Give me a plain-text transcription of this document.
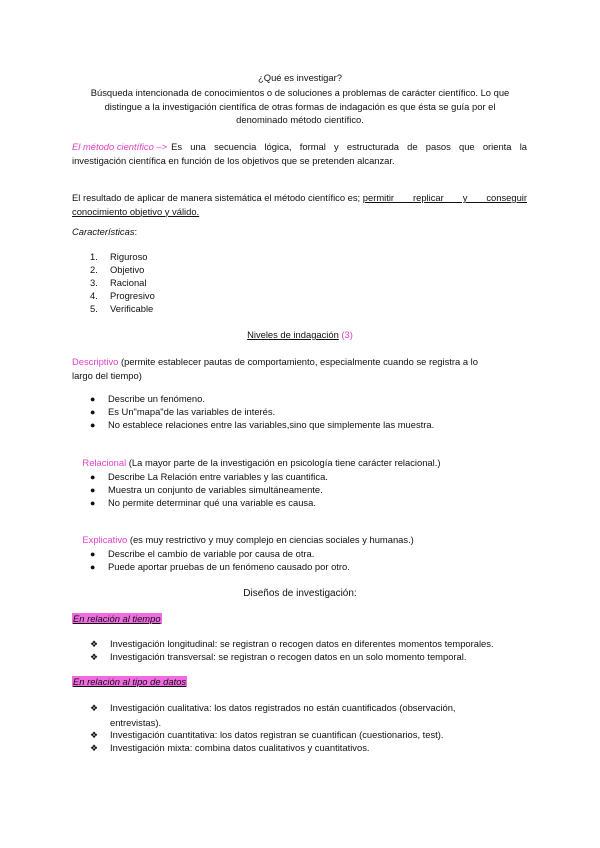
¿Qué es investigar?
Búsqueda intencionada de conocimientos o de soluciones a problemas de carácter científico. Lo que
distingue a la investigación científica de otras formas de indagación es que ésta se guía por el
denominado método científico.
El método científico –> Es una secuencia lógica, formal y estructurada de pasos que orienta la
investigación científica en función de los objetivos que se pretenden alcanzar.
El resultado de aplicar de manera sistemática el método científico es; permitir replicar y conseguir
conocimiento objetivo y válido.
Características:
1. Riguroso
2. Objetivo
3. Racional
4. Progresivo
5. Verificable
Niveles de indagación (3)
Descriptivo (permite establecer pautas de comportamiento, especialmente cuando se registra a lo
largo del tiempo)
● Describe un fenómeno.
● Es Un"mapa"de las variables de interés.
● No establece relaciones entre las variables,sino que simplemente las muestra.

Relacional (La mayor parte de la investigación en psicología tiene carácter relacional.)

● Describe La Relación entre variables y las cuantifica.
● Muestra un conjunto de variables simultáneamente.
● No permite determinar qué una variable es causa.

Explicativo (es muy restrictivo y muy complejo en ciencias sociales y humanas.)

● Describe el cambio de variable por causa de otra.
● Puede aportar pruebas de un fenómeno causado por otro.
Diseños de investigación:
En relación al tiempo
❖ Investigación longitudinal: se registran o recogen datos en diferentes momentos temporales.
❖ Investigación transversal: se registran o recogen datos en un solo momento temporal.
En relación al tipo de datos
❖ Investigación cualitativa: los datos registrados no están cuantificados (observación,
entrevistas).
❖ Investigación cuantitativa: los datos registran se cuantifican (cuestionarios, test).
❖ Investigación mixta: combina datos cualitativos y cuantitativos.
